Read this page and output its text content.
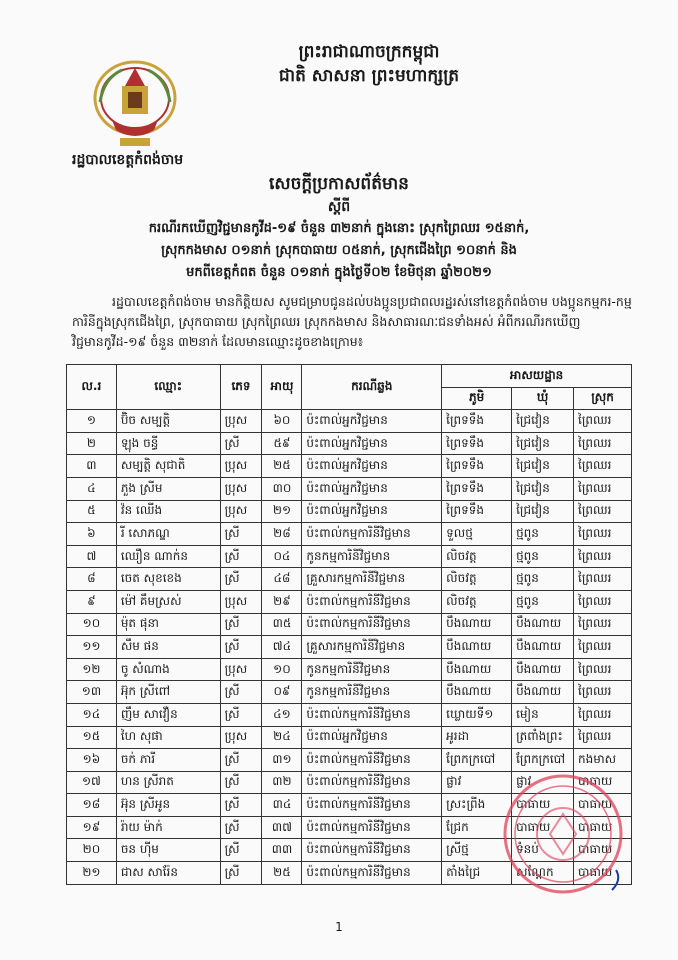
ព្រះរាជាណាចក្រកម្ពុជា
ជាតិ សាសនា ព្រះមហាក្សត្រ
រដ្ឋបាលខេត្តកំពង់ចាម
សេចក្តីប្រកាសព័ត៌មាន
ស្តីពី
ករណីរកឃើញវិជ្ជមានកូវីដ-១៩ ចំនួន ៣២នាក់ ក្នុងនោះ ស្រុកព្រៃឈរ ១៥នាក់,
ស្រុកកងមាស ០១នាក់ ស្រុកបាធាយ ០៥នាក់, ស្រុកជើងព្រៃ ១០នាក់ និង
មកពីខេត្តកំពត ចំនួន ០១នាក់ ក្នុងថ្ងៃទី០២ ខែមិថុនា ឆ្នាំ២០២១

រដ្ឋបាលខេត្តកំពង់ចាម មានកិត្តិយស សូមជម្រាបជូនដល់បងប្អូនប្រជាពលរដ្ឋរស់នៅខេត្តកំពង់ចាម បងប្អូនកម្មករ-កម្មការិនីក្នុងស្រុកជើងព្រៃ, ស្រុកបាធាយ ស្រុកព្រៃឈរ ស្រុកកងមាស និងសាធារណៈជនទាំងអស់ អំពីករណីរកឃើញវិជ្ជមានកូវីដ-១៩ ចំនួន ៣២នាក់ ដែលមានឈ្មោះដូចខាងក្រោម៖

ល.រ	ឈ្មោះ	ភេទ	អាយុ	ករណីឆ្លង	អាសយដ្ឋាន		
					ភូមិ	ឃុំ	ស្រុក
១	ប៊ិច សម្បត្តិ	ប្រុស	៦០	ប៉ះពាល់អ្នកវិជ្ជមាន	ព្រៃទទឹង	ជ្រៃវៀន	ព្រៃឈរ
២	ឡុង ចន្ធី	ស្រី	៥៩	ប៉ះពាល់អ្នកវិជ្ជមាន	ព្រៃទទឹង	ជ្រៃវៀន	ព្រៃឈរ
៣	សម្បត្តិ សុជាតិ	ប្រុស	២៥	ប៉ះពាល់អ្នកវិជ្ជមាន	ព្រៃទទឹង	ជ្រៃវៀន	ព្រៃឈរ
៤	ភួង ស្រីម	ប្រុស	៣០	ប៉ះពាល់អ្នកវិជ្ជមាន	ព្រៃទទឹង	ជ្រៃវៀន	ព្រៃឈរ
៥	វ៉ន ឈើង	ប្រុស	២១	ប៉ះពាល់អ្នកវិជ្ជមាន	ព្រៃទទឹង	ជ្រៃវៀន	ព្រៃឈរ
៦	រី សោភណ្ឌ	ស្រី	២៨	ប៉ះពាល់កម្មការិនីវិជ្ជមាន	ទួលថ្ម	ថ្មពូន	ព្រៃឈរ
៧	ឈឿន ណាក់ន	ស្រី	០៤	កូនកម្មការិនីវិជ្ជមាន	លិចវត្ត	ថ្មពូន	ព្រៃឈរ
៨	ចេត សុខខេង	ស្រី	៤៨	គ្រួសារកម្មការិនីវិជ្ជមាន	លិចវត្ត	ថ្មពូន	ព្រៃឈរ
៩	ម៉ៅ គឹមស្រស់	ប្រុស	២៩	ប៉ះពាល់កម្មការិនីវិជ្ជមាន	លិចវត្ត	ថ្មពូន	ព្រៃឈរ
១០	ម៉ុត ផុនា	ស្រី	៣៥	ប៉ះពាល់កម្មការិនីវិជ្ជមាន	បឹងណាយ	បឹងណាយ	ព្រៃឈរ
១១	សឹម ផន	ស្រី	៧៤	គ្រួសារកម្មការិនីវិជ្ជមាន	បឹងណាយ	បឹងណាយ	ព្រៃឈរ
១២	ចូ សំណាង	ប្រុស	១០	កូនកម្មការិនីវិជ្ជមាន	បឹងណាយ	បឹងណាយ	ព្រៃឈរ
១៣	អ៊ុក ស្រីពៅ	ស្រី	០៩	កូនកម្មការិនីវិជ្ជមាន	បឹងណាយ	បឹងណាយ	ព្រៃឈរ
១៤	ញឹម សាវឿន	ស្រី	៤១	ប៉ះពាល់កម្មការិនីវិជ្ជមាន	ឃ្លោយទី១	មៀន	ព្រៃឈរ
១៥	ហៃ សុផា	ប្រុស	២៤	ប៉ះពាល់អ្នកវិជ្ជមាន	អូរដា	ត្រពាំងព្រះ	ព្រៃឈរ
១៦	ចក់ ភារី	ស្រី	៣១	ប៉ះពាល់កម្មការិនីវិជ្ជមាន	ព្រែកក្របៅ	ព្រែកក្របៅ	កងមាស
១៧	ហន ស្រីរាត	ស្រី	៣២	ប៉ះពាល់កម្មការិនីវិជ្ជមាន	ផ្លាវ	ផ្លាវ	បាធាយ
១៨	អ៊ុន ស្រីអូន	ស្រី	៣៤	ប៉ះពាល់កម្មការិនីវិជ្ជមាន	ស្រះព្រីង	បាធាយ	បាធាយ
១៩	រ៉ាយ ម៉ាក់	ស្រី	៣៧	ប៉ះពាល់កម្មការិនីវិជ្ជមាន	ជ្រែក	បាធាយ	បាធាយ
២០	ចន ហ៊ីម	ស្រី	៣៣	ប៉ះពាល់កម្មការិនីវិជ្ជមាន	ស្រីថ្ម	ទំនប់	បាធាយ
២១	ជាស សារ៉ែន	ស្រី	២៥	ប៉ះពាល់កម្មការិនីវិជ្ជមាន	តាំងជ្រៃ	សណ្តែក	បាធាយ
1
